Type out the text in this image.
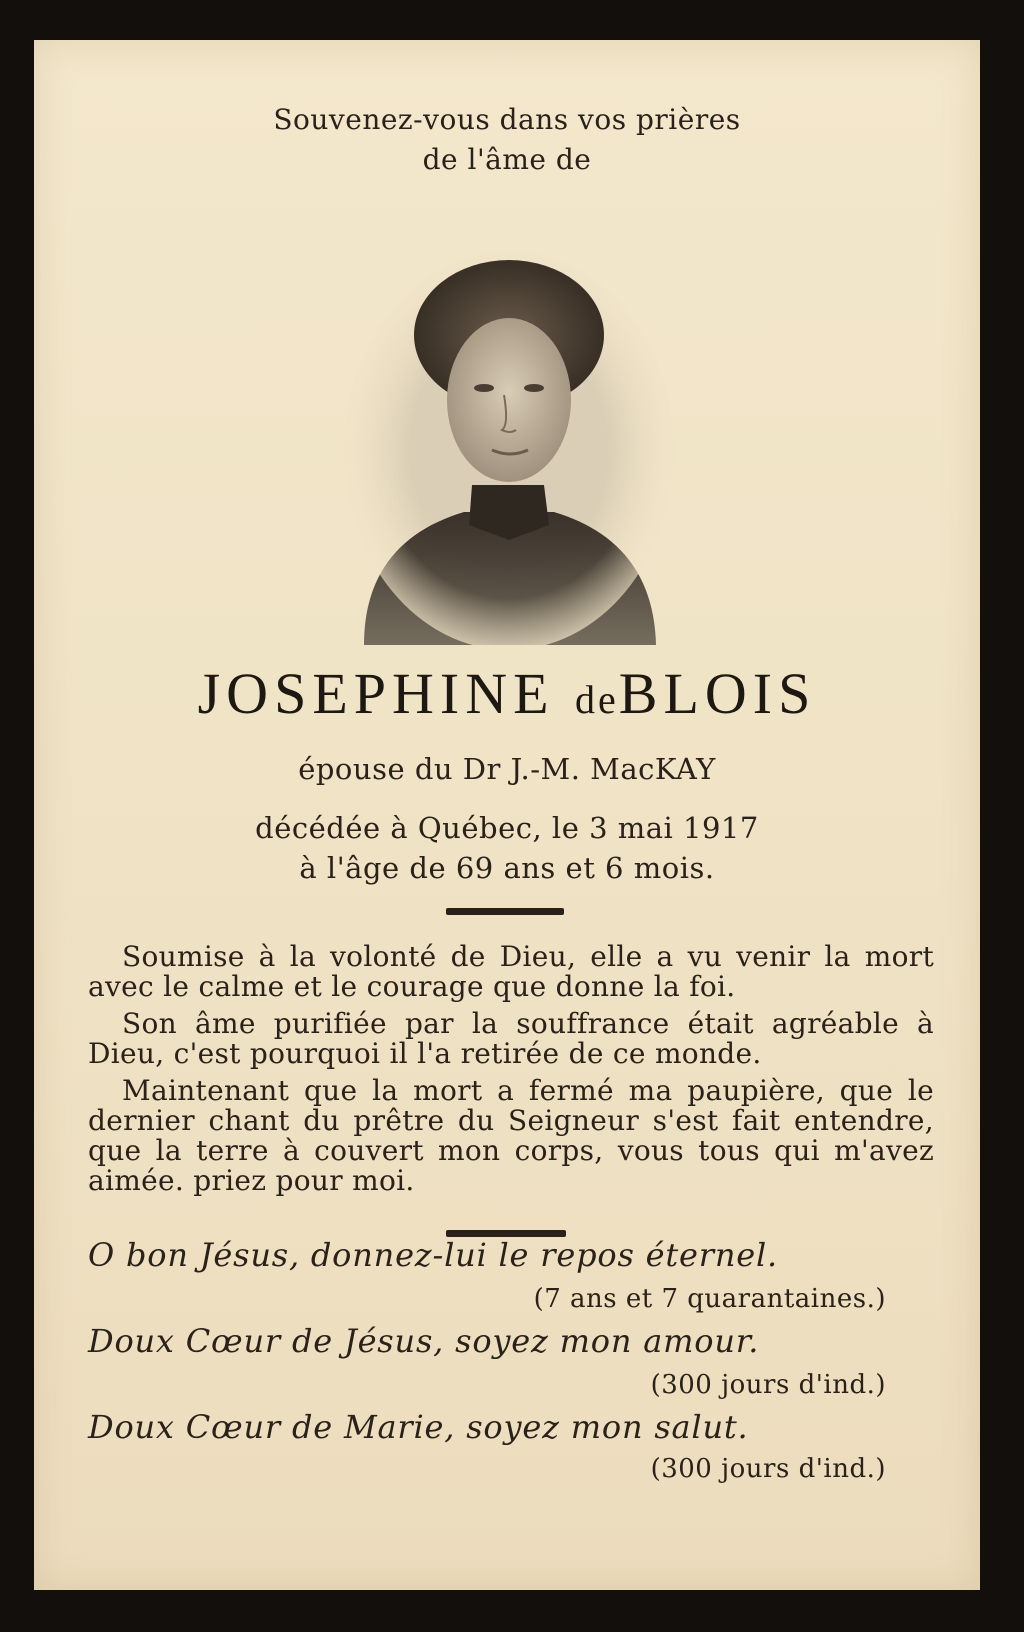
Souvenez-vous dans vos prières
de l'âme de
JOSEPHINE deBLOIS
épouse du Dr J.-M. MacKAY
décédée à Québec, le 3 mai 1917
à l'âge de 69 ans et 6 mois.

Soumise à la volonté de Dieu, elle a vu venir la mort avec le calme et le courage que donne la foi.

Son âme purifiée par la souffrance était agréable à Dieu, c'est pourquoi il l'a retirée de ce monde.

Maintenant que la mort a fermé ma paupière, que le dernier chant du prêtre du Seigneur s'est fait entendre, que la terre à couvert mon corps, vous tous qui m'avez aimée. priez pour moi.

O bon Jésus, donnez-lui le repos éternel.
(7 ans et 7 quarantaines.)
Doux Cœur de Jésus, soyez mon amour.
(300 jours d'ind.)
Doux Cœur de Marie, soyez mon salut.
(300 jours d'ind.)
